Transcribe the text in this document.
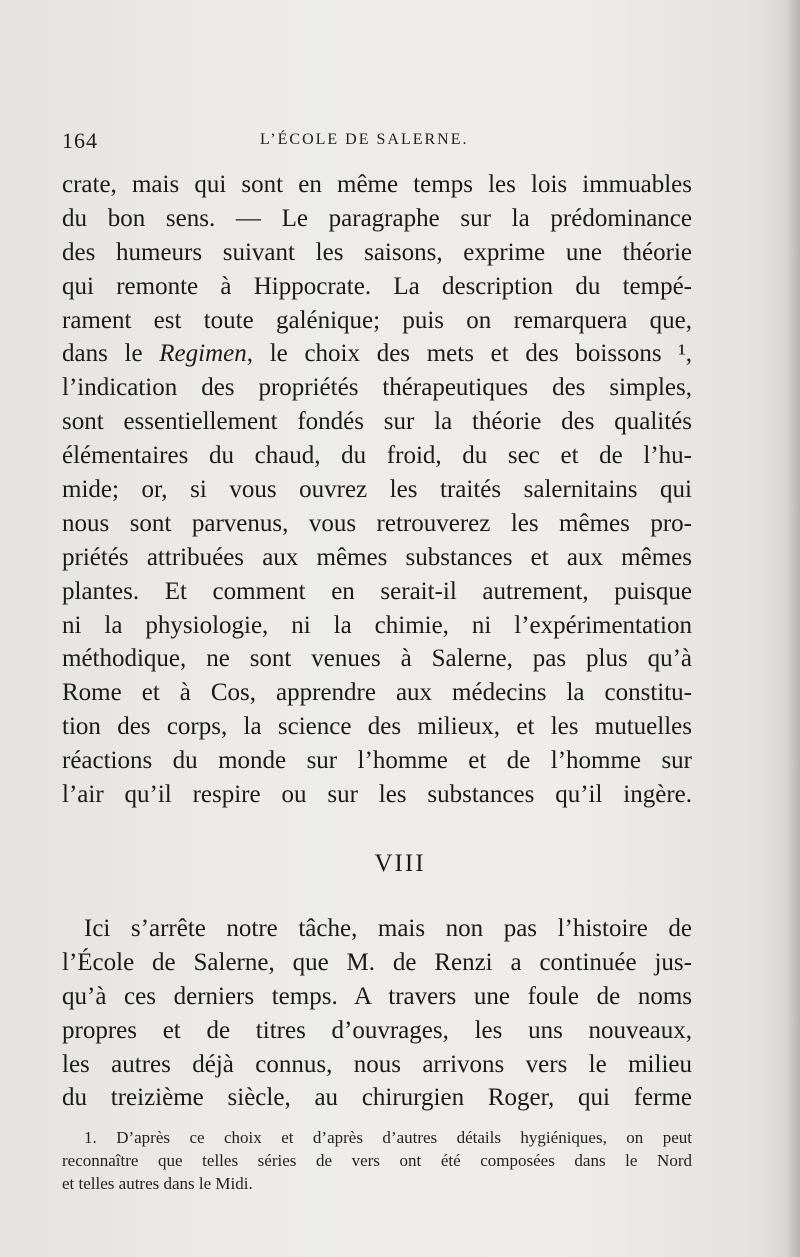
164	L’ÉCOLE DE SALERNE.
crate, mais qui sont en même temps les lois immuables
du bon sens. — Le paragraphe sur la prédominance
des humeurs suivant les saisons, exprime une théorie
qui remonte à Hippocrate. La description du tempé-
rament est toute galénique; puis on remarquera que,
dans le Regimen, le choix des mets et des boissons ¹,
l’indication des propriétés thérapeutiques des simples,
sont essentiellement fondés sur la théorie des qualités
élémentaires du chaud, du froid, du sec et de l’hu-
mide; or, si vous ouvrez les traités salernitains qui
nous sont parvenus, vous retrouverez les mêmes pro-
priétés attribuées aux mêmes substances et aux mêmes
plantes. Et comment en serait-il autrement, puisque
ni la physiologie, ni la chimie, ni l’expérimentation
méthodique, ne sont venues à Salerne, pas plus qu’à
Rome et à Cos, apprendre aux médecins la constitu-
tion des corps, la science des milieux, et les mutuelles
réactions du monde sur l’homme et de l’homme sur
l’air qu’il respire ou sur les substances qu’il ingère.
VIII
Ici s’arrête notre tâche, mais non pas l’histoire de
l’École de Salerne, que M. de Renzi a continuée jus-
qu’à ces derniers temps. A travers une foule de noms
propres et de titres d’ouvrages, les uns nouveaux,
les autres déjà connus, nous arrivons vers le milieu
du treizième siècle, au chirurgien Roger, qui ferme
1. D’après ce choix et d’après d’autres détails hygiéniques, on peut
reconnaître que telles séries de vers ont été composées dans le Nord
et telles autres dans le Midi.
